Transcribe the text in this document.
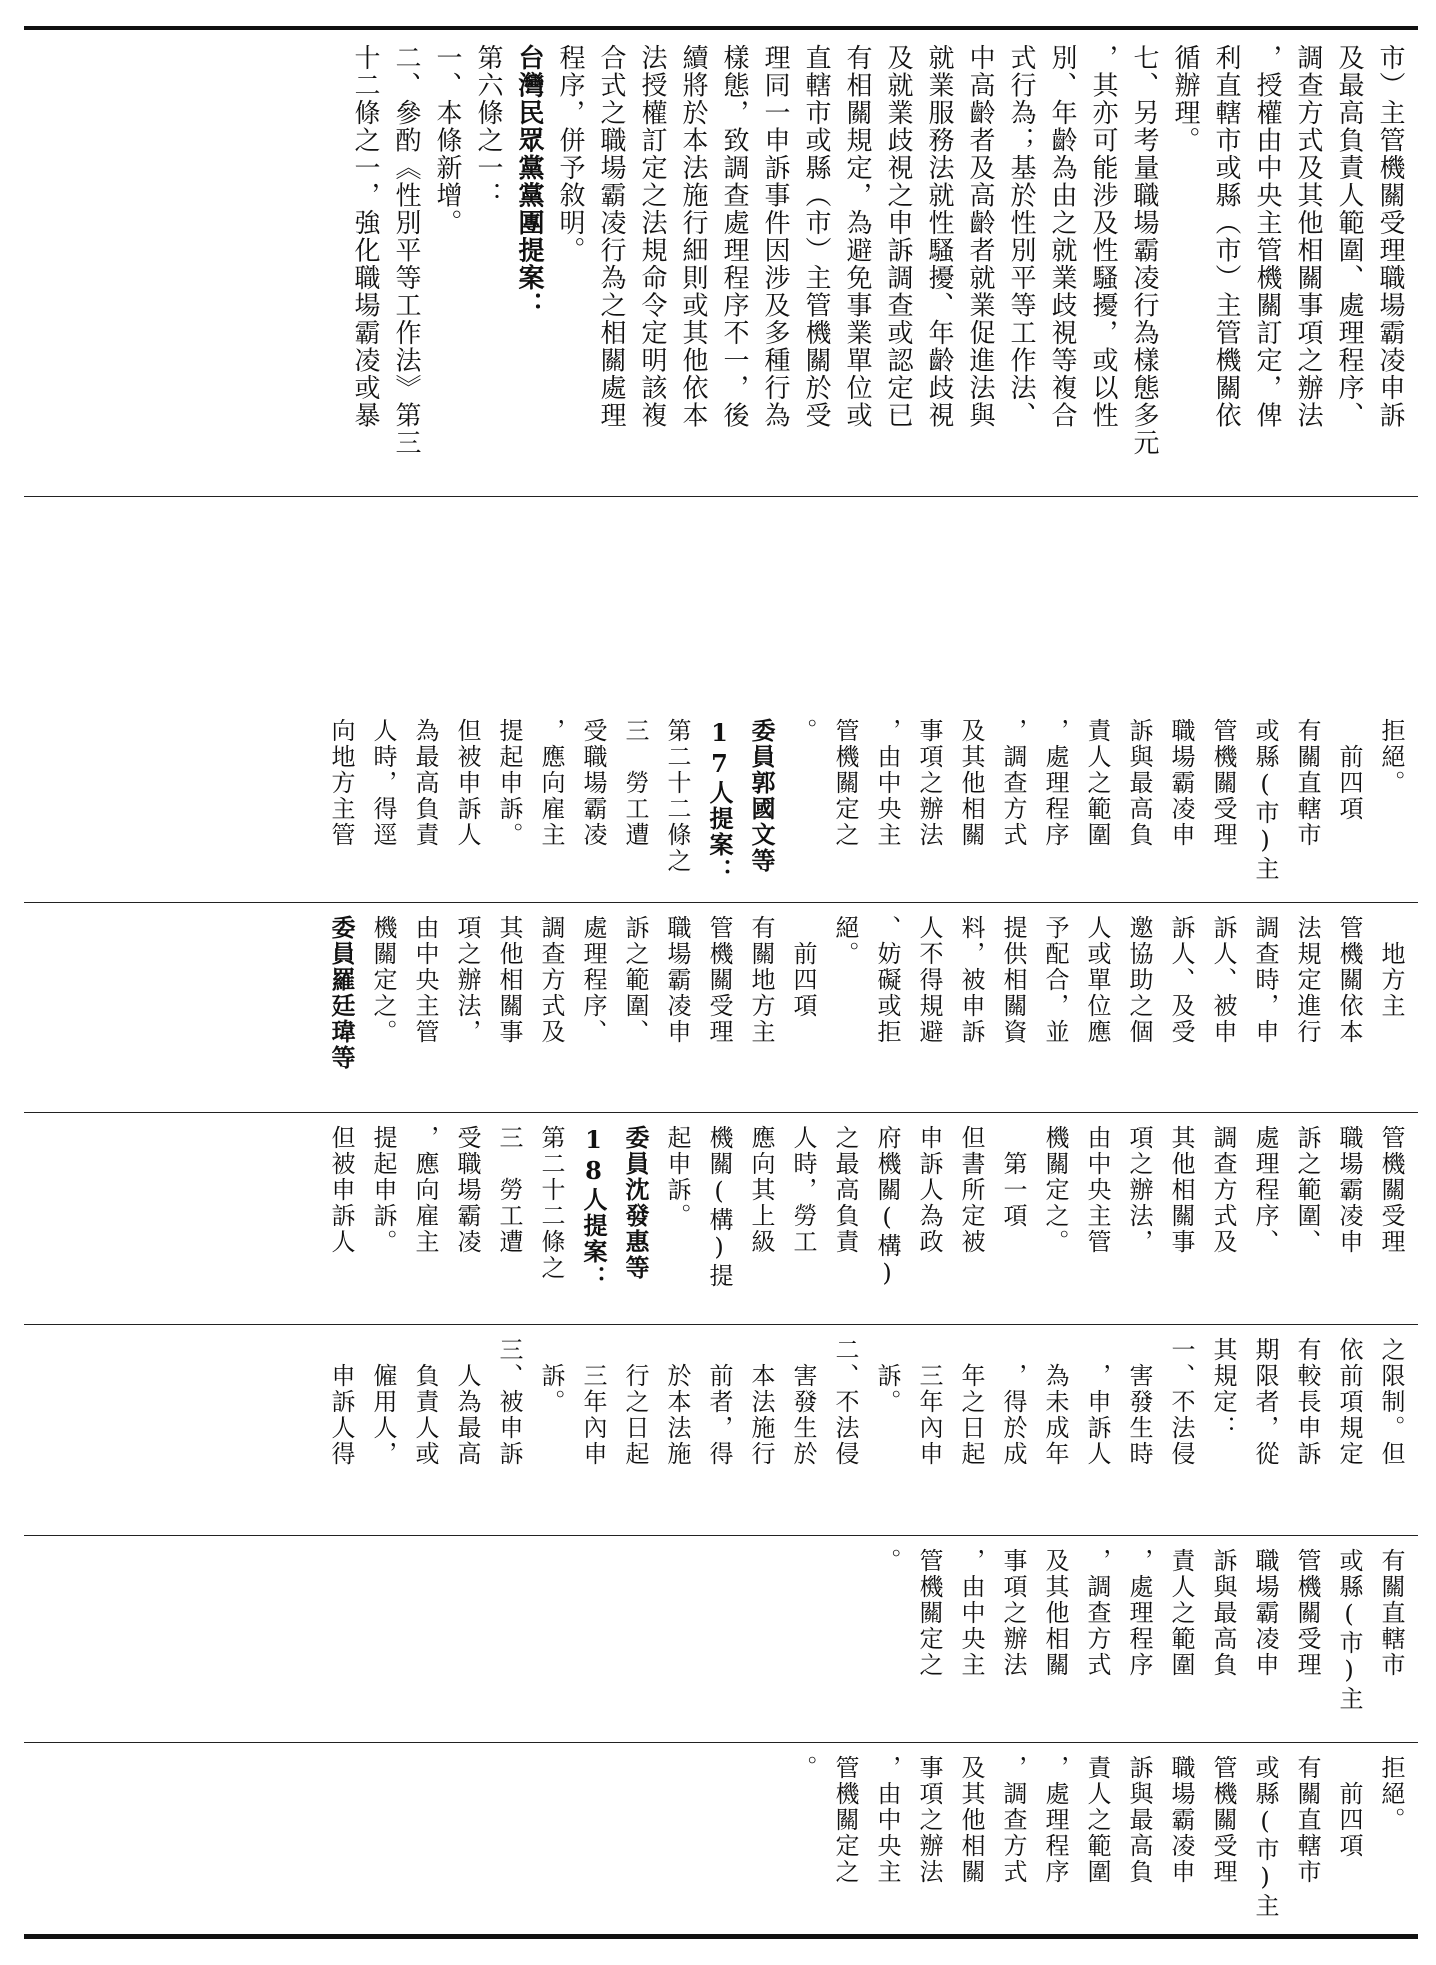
市）主管機關受理職場霸凌申訴

及最高負責人範圍、處理程序、

調查方式及其他相關事項之辦法

，授權由中央主管機關訂定，俾

利直轄市或縣（市）主管機關依

循辦理。

七、另考量職場霸凌行為樣態多元

，其亦可能涉及性騷擾，或以性

別、年齡為由之就業歧視等複合

式行為；基於性別平等工作法、

中高齡者及高齡者就業促進法與

就業服務法就性騷擾、年齡歧視

及就業歧視之申訴調查或認定已

有相關規定，為避免事業單位或

直轄市或縣（市）主管機關於受

理同一申訴事件因涉及多種行為

樣態，致調查處理程序不一，後

續將於本法施行細則或其他依本

法授權訂定之法規命令定明該複

合式之職場霸凌行為之相關處理

程序，併予敘明。

台灣民眾黨黨團提案：

第六條之一：

一、本條新增。

二、參酌《性別平等工作法》第三

十二條之一，強化職場霸凌或暴

拒絕。

　前四項

有關直轄市

或縣(市)主

管機關受理

職場霸凌申

訴與最高負

責人之範圍

，處理程序

，調查方式

及其他相關

事項之辦法

，由中央主

管機關定之

。

委員郭國文等

17人提案：

第二十二條之

三　勞工遭

受職場霸凌

，應向雇主

提起申訴。

但被申訴人

為最高負責

人時，得逕

向地方主管

　地方主

管機關依本

法規定進行

調查時，申

訴人、被申

訴人、及受

邀協助之個

人或單位應

予配合，並

提供相關資

料，被申訴

人不得規避

、妨礙或拒

絕。

　前四項

有關地方主

管機關受理

職場霸凌申

訴之範圍、

處理程序、

調查方式及

其他相關事

項之辦法，

由中央主管

機關定之。

委員羅廷瑋等

管機關受理

職場霸凌申

訴之範圍、

處理程序、

調查方式及

其他相關事

項之辦法，

由中央主管

機關定之。

　第一項

但書所定被

申訴人為政

府機關(構)

之最高負責

人時，勞工

應向其上級

機關(構)提

起申訴。

委員沈發惠等

18人提案：

第二十二條之

三　勞工遭

受職場霸凌

，應向雇主

提起申訴。

但被申訴人

之限制。但

依前項規定

有較長申訴

期限者，從

其規定：

一、不法侵

　害發生時

　，申訴人

　為未成年

　，得於成

　年之日起

　三年內申

　訴。

二、不法侵

　害發生於

　本法施行

　前者，得

　於本法施

　行之日起

　三年內申

　訴。

三、被申訴

　人為最高

　負責人或

　僱用人，

　申訴人得

有關直轄市

或縣(市)主

管機關受理

職場霸凌申

訴與最高負

責人之範圍

，處理程序

，調查方式

及其他相關

事項之辦法

，由中央主

管機關定之

。

拒絕。

　前四項

有關直轄市

或縣(市)主

管機關受理

職場霸凌申

訴與最高負

責人之範圍

，處理程序

，調查方式

及其他相關

事項之辦法

，由中央主

管機關定之

。
